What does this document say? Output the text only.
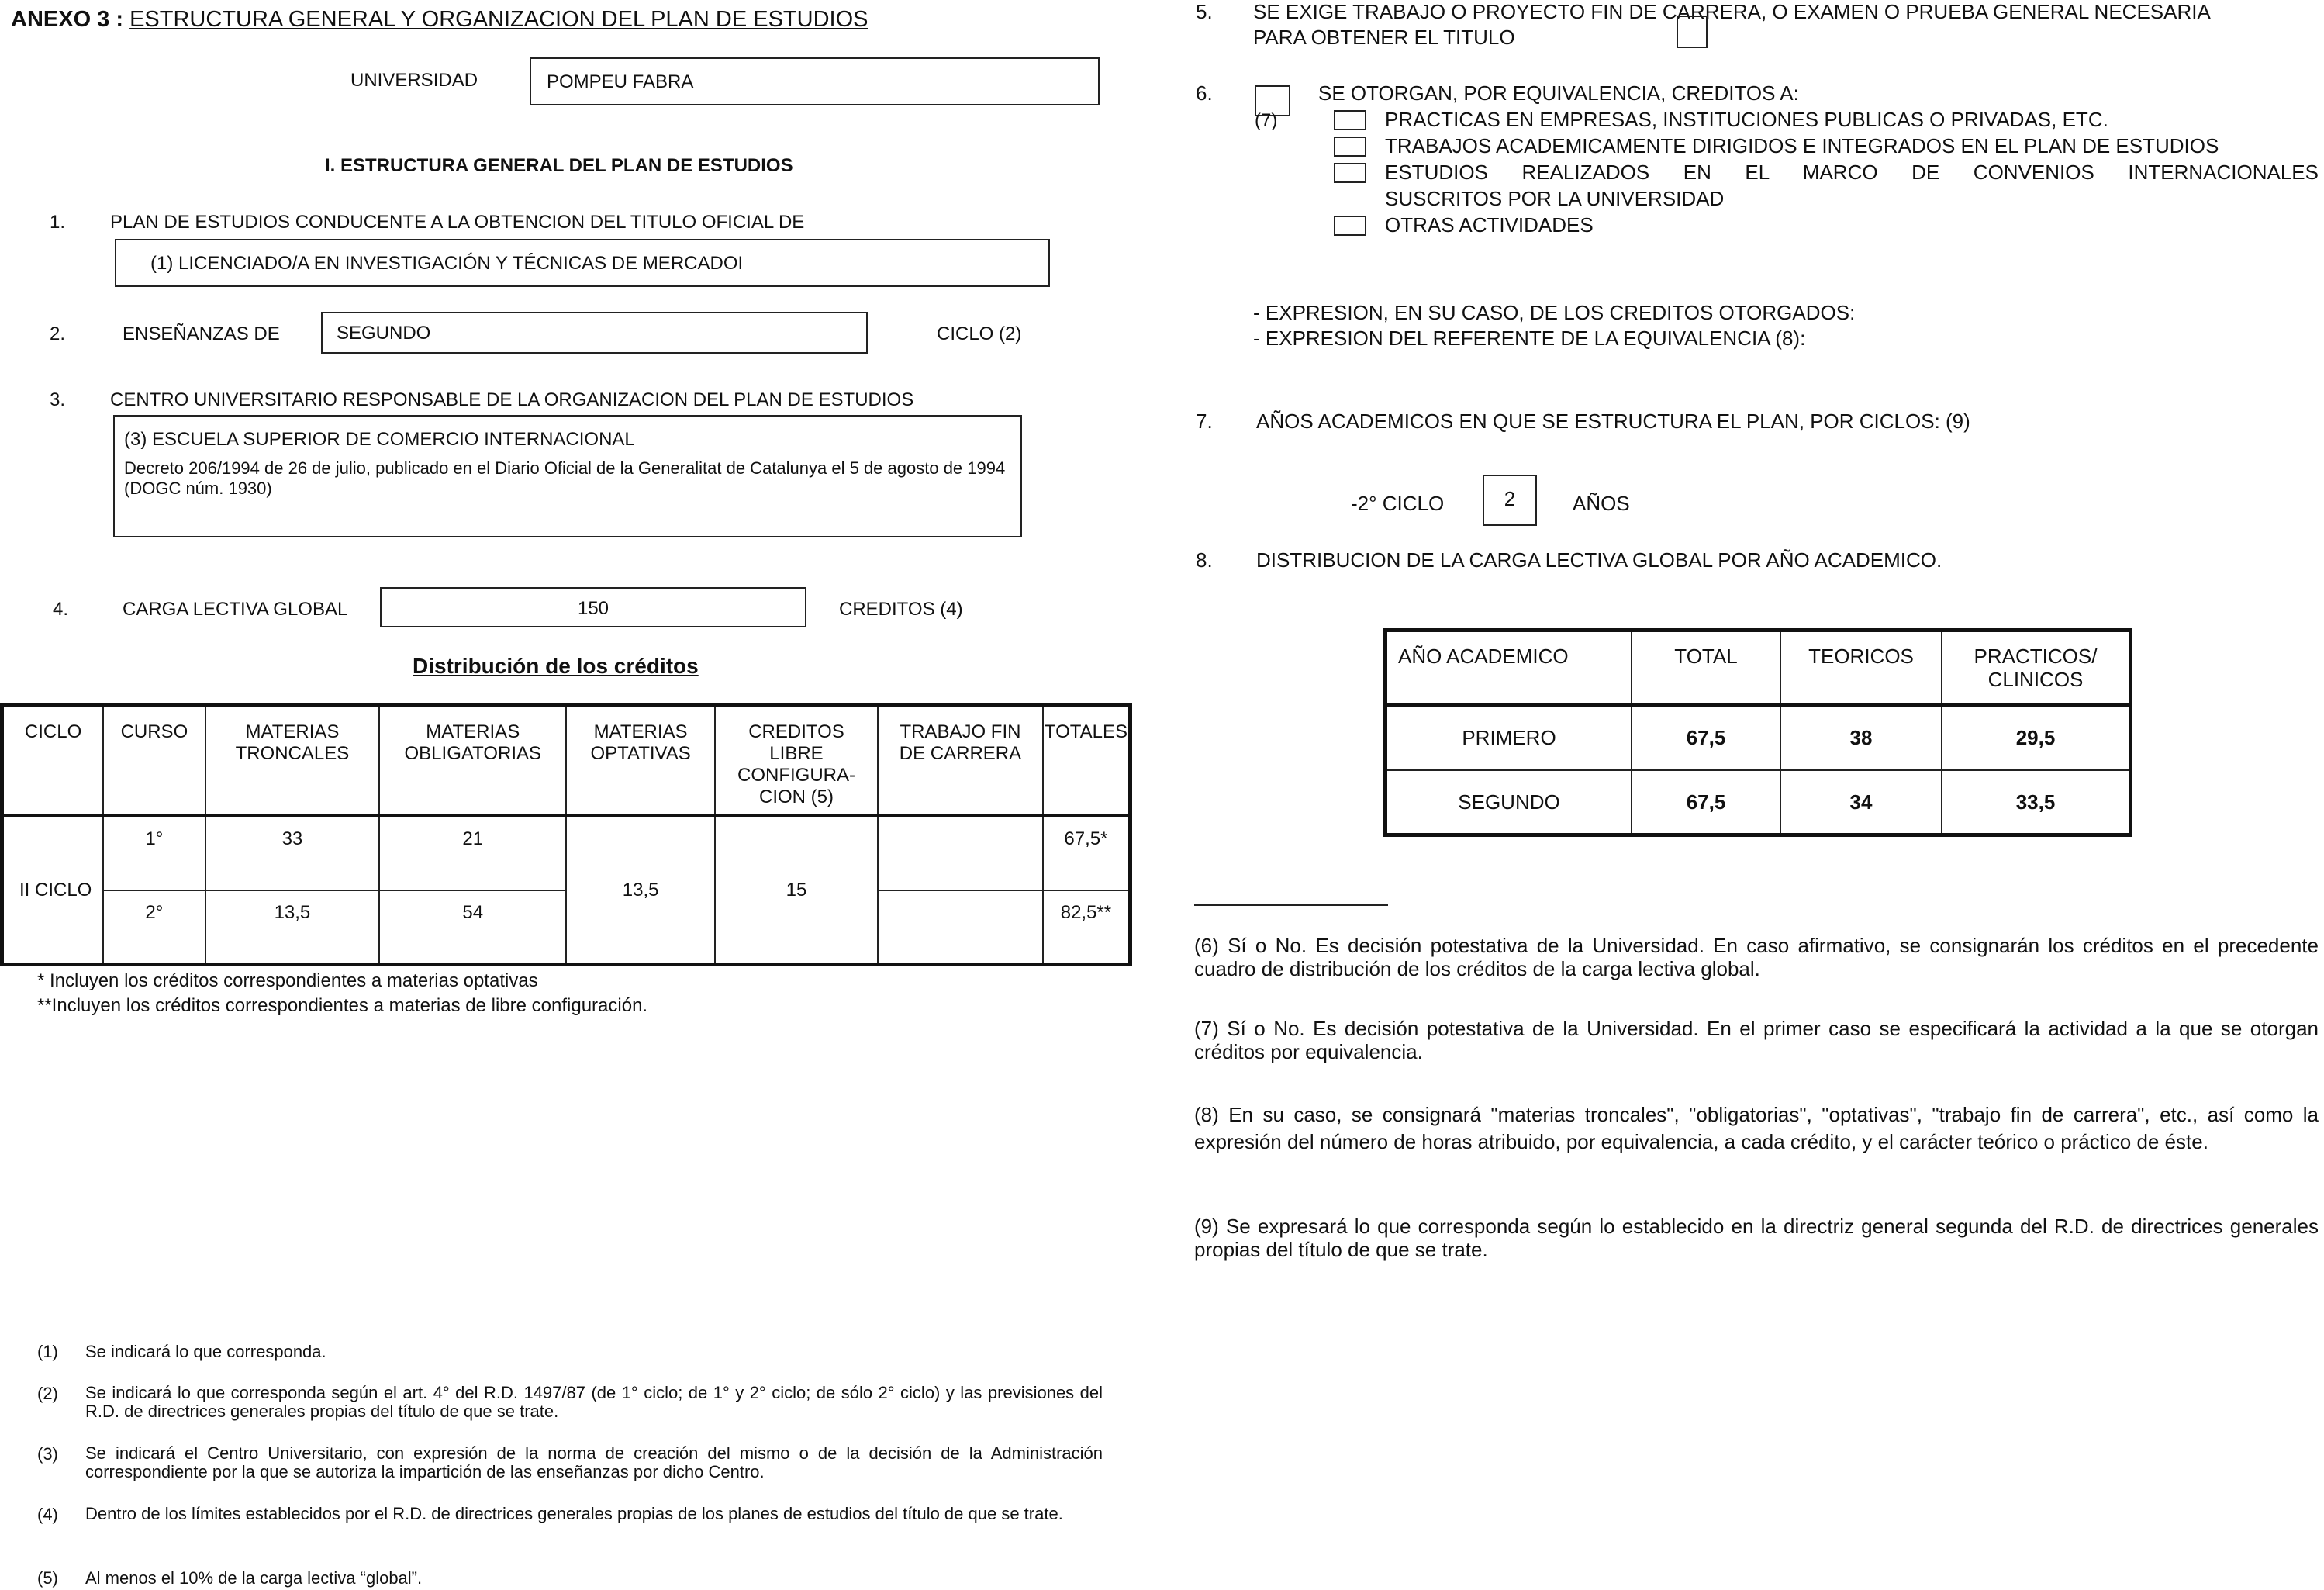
ANEXO 3 : ESTRUCTURA GENERAL Y ORGANIZACION DEL PLAN DE ESTUDIOS
UNIVERSIDAD	POMPEU FABRA
I. ESTRUCTURA GENERAL DEL PLAN DE ESTUDIOS
1. PLAN DE ESTUDIOS CONDUCENTE A LA OBTENCION DEL TITULO OFICIAL DE
(1) LICENCIADO/A EN INVESTIGACIÓN Y TÉCNICAS DE MERCADOI
2.	ENSEÑANZAS DE	SEGUNDO	CICLO (2)
3. CENTRO UNIVERSITARIO RESPONSABLE DE LA ORGANIZACION DEL PLAN DE ESTUDIOS
(3) ESCUELA SUPERIOR DE COMERCIO INTERNACIONAL
Decreto 206/1994 de 26 de julio, publicado en el Diario Oficial de la Generalitat de Catalunya el 5 de agosto de 1994 (DOGC núm. 1930)
4.	CARGA LECTIVA GLOBAL	150	CREDITOS (4)
Distribución de los créditos
CICLO	CURSO	MATERIAS TRONCALES	MATERIAS OBLIGATORIAS	MATERIAS OPTATIVAS	CREDITOS LIBRE CONFIGURA-CION (5)	TRABAJO FIN DE CARRERA	TOTALES
II CICLO	1°	33	21	13,5	15		67,5*
	2°	13,5	54				82,5**
* Incluyen los créditos correspondientes a materias optativas
**Incluyen los créditos correspondientes a materias de libre configuración.
(1) Se indicará lo que corresponda.
(2) Se indicará lo que corresponda según el art. 4° del R.D. 1497/87 (de 1° ciclo; de 1° y 2° ciclo; de sólo 2° ciclo) y las previsiones del R.D. de directrices generales propias del título de que se trate.
(3) Se indicará el Centro Universitario, con expresión de la norma de creación del mismo o de la decisión de la Administración correspondiente por la que se autoriza la impartición de las enseñanzas por dicho Centro.
(4) Dentro de los límites establecidos por el R.D. de directrices generales propias de los planes de estudios del título de que se trate.
(5) Al menos el 10% de la carga lectiva “global”.
5. SE EXIGE TRABAJO O PROYECTO FIN DE CARRERA, O EXAMEN O PRUEBA GENERAL NECESARIA
PARA OBTENER EL TITULO
6.
(7)
SE OTORGAN, POR EQUIVALENCIA, CREDITOS A:
PRACTICAS EN EMPRESAS, INSTITUCIONES PUBLICAS O PRIVADAS, ETC.
TRABAJOS ACADEMICAMENTE DIRIGIDOS E INTEGRADOS EN EL PLAN DE ESTUDIOS
ESTUDIOS REALIZADOS EN EL MARCO DE CONVENIOS INTERNACIONALES
SUSCRITOS POR LA UNIVERSIDAD
OTRAS ACTIVIDADES
- EXPRESION, EN SU CASO, DE LOS CREDITOS OTORGADOS:
- EXPRESION DEL REFERENTE DE LA EQUIVALENCIA (8):
7. AÑOS ACADEMICOS EN QUE SE ESTRUCTURA EL PLAN, POR CICLOS: (9)
-2° CICLO	2	AÑOS
8. DISTRIBUCION DE LA CARGA LECTIVA GLOBAL POR AÑO ACADEMICO.
AÑO ACADEMICO	TOTAL	TEORICOS	PRACTICOS/ CLINICOS
PRIMERO	67,5	38	29,5
SEGUNDO	67,5	34	33,5
(6) Sí o No. Es decisión potestativa de la Universidad. En caso afirmativo, se consignarán los créditos en el precedente cuadro de distribución de los créditos de la carga lectiva global.
(7) Sí o No. Es decisión potestativa de la Universidad. En el primer caso se especificará la actividad a la que se otorgan créditos por equivalencia.
(8) En su caso, se consignará "materias troncales", "obligatorias", "optativas", "trabajo fin de carrera", etc., así como la expresión del número de horas atribuido, por equivalencia, a cada crédito, y el carácter teórico o práctico de éste.
(9) Se expresará lo que corresponda según lo establecido en la directriz general segunda del R.D. de directrices generales propias del título de que se trate.
